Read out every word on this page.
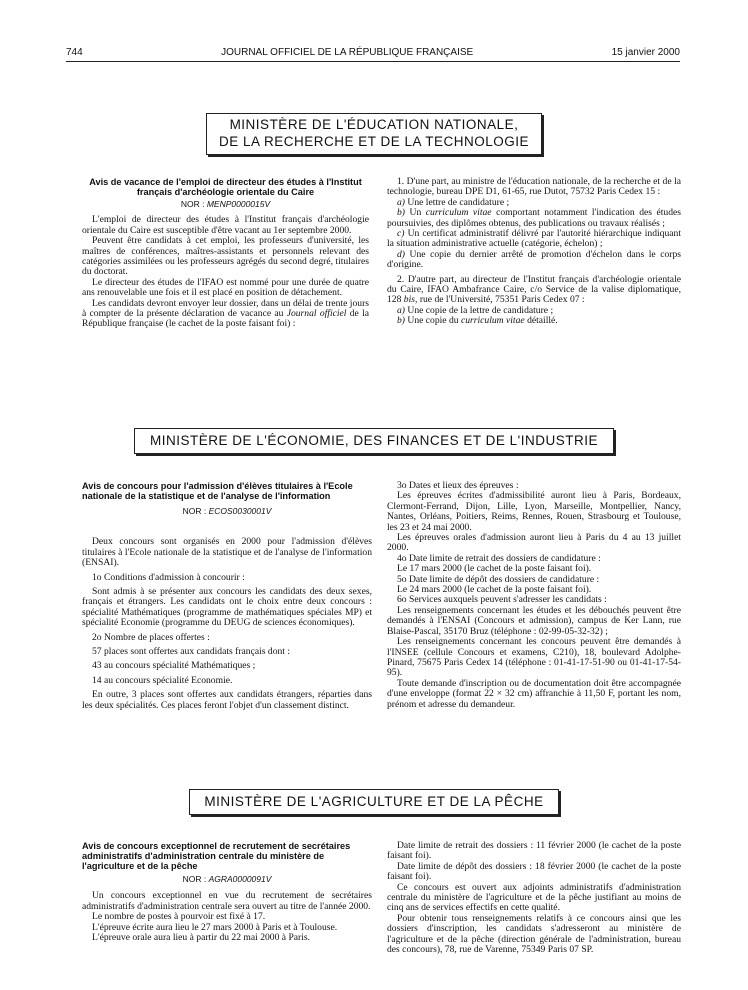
744	JOURNAL OFFICIEL DE LA RÉPUBLIQUE FRANÇAISE	15 janvier 2000
MINISTÈRE DE L'ÉDUCATION NATIONALE,
DE LA RECHERCHE ET DE LA TECHNOLOGIE
Avis de vacance de l'emploi de directeur des études à l'Institut français d'archéologie orientale du Caire
NOR : MENP0000015V

L'emploi de directeur des études à l'Institut français d'archéologie orientale du Caire est susceptible d'être vacant au 1er septembre 2000.

Peuvent être candidats à cet emploi, les professeurs d'université, les maîtres de conférences, maîtres-assistants et personnels relevant des catégories assimilées ou les professeurs agrégés du second degré, titulaires du doctorat.

Le directeur des études de l'IFAO est nommé pour une durée de quatre ans renouvelable une fois et il est placé en position de détachement.

Les candidats devront envoyer leur dossier, dans un délai de trente jours à compter de la présente déclaration de vacance au Journal officiel de la République française (le cachet de la poste faisant foi) :

1. D'une part, au ministre de l'éducation nationale, de la recherche et de la technologie, bureau DPE D1, 61-65, rue Dutot, 75732 Paris Cedex 15 :

a) Une lettre de candidature ;

b) Un curriculum vitae comportant notamment l'indication des études poursuivies, des diplômes obtenus, des publications ou travaux réalisés ;

c) Un certificat administratif délivré par l'autorité hiérarchique indiquant la situation administrative actuelle (catégorie, échelon) ;

d) Une copie du dernier arrêté de promotion d'échelon dans le corps d'origine.

2. D'autre part, au directeur de l'Institut français d'archéologie orientale du Caire, IFAO Ambafrance Caire, c/o Service de la valise diplomatique, 128 bis, rue de l'Université, 75351 Paris Cedex 07 :

a) Une copie de la lettre de candidature ;

b) Une copie du curriculum vitae détaillé.

MINISTÈRE DE L'ÉCONOMIE, DES FINANCES ET DE L'INDUSTRIE
Avis de concours pour l'admission d'élèves titulaires à l'Ecole nationale de la statistique et de l'analyse de l'information
NOR : ECOS0030001V

Deux concours sont organisés en 2000 pour l'admission d'élèves titulaires à l'Ecole nationale de la statistique et de l'analyse de l'information (ENSAI).

1o Conditions d'admission à concourir :

Sont admis à se présenter aux concours les candidats des deux sexes, français et étrangers. Les candidats ont le choix entre deux concours : spécialité Mathématiques (programme de mathématiques spéciales MP) et spécialité Economie (programme du DEUG de sciences économiques).

2o Nombre de places offertes :

57 places sont offertes aux candidats français dont :

43 au concours spécialité Mathématiques ;

14 au concours spécialité Economie.

En outre, 3 places sont offertes aux candidats étrangers, réparties dans les deux spécialités. Ces places feront l'objet d'un classement distinct.

3o Dates et lieux des épreuves :

Les épreuves écrites d'admissibilité auront lieu à Paris, Bordeaux, Clermont-Ferrand, Dijon, Lille, Lyon, Marseille, Montpellier, Nancy, Nantes, Orléans, Poitiers, Reims, Rennes, Rouen, Strasbourg et Toulouse, les 23 et 24 mai 2000.

Les épreuves orales d'admission auront lieu à Paris du 4 au 13 juillet 2000.

4o Date limite de retrait des dossiers de candidature :

Le 17 mars 2000 (le cachet de la poste faisant foi).

5o Date limite de dépôt des dossiers de candidature :

Le 24 mars 2000 (le cachet de la poste faisant foi).

6o Services auxquels peuvent s'adresser les candidats :

Les renseignements concernant les études et les débouchés peuvent être demandés à l'ENSAI (Concours et admission), campus de Ker Lann, rue Blaise-Pascal, 35170 Bruz (téléphone : 02-99-05-32-32) ;

Les renseignements concernant les concours peuvent être demandés à l'INSEE (cellule Concours et examens, C210), 18, boulevard Adolphe-Pinard, 75675 Paris Cedex 14 (téléphone : 01-41-17-51-90 ou 01-41-17-54-95).

Toute demande d'inscription ou de documentation doit être accompagnée d'une enveloppe (format 22 × 32 cm) affranchie à 11,50 F, portant les nom, prénom et adresse du demandeur.

MINISTÈRE DE L'AGRICULTURE ET DE LA PÊCHE
Avis de concours exceptionnel de recrutement de secrétaires administratifs d'administration centrale du ministère de l'agriculture et de la pêche
NOR : AGRA0000091V

Un concours exceptionnel en vue du recrutement de secrétaires administratifs d'administration centrale sera ouvert au titre de l'année 2000.

Le nombre de postes à pourvoir est fixé à 17.

L'épreuve écrite aura lieu le 27 mars 2000 à Paris et à Toulouse.

L'épreuve orale aura lieu à partir du 22 mai 2000 à Paris.

Date limite de retrait des dossiers : 11 février 2000 (le cachet de la poste faisant foi).

Date limite de dépôt des dossiers : 18 février 2000 (le cachet de la poste faisant foi).

Ce concours est ouvert aux adjoints administratifs d'administration centrale du ministère de l'agriculture et de la pêche justifiant au moins de cinq ans de services effectifs en cette qualité.

Pour obtenir tous renseignements relatifs à ce concours ainsi que les dossiers d'inscription, les candidats s'adresseront au ministère de l'agriculture et de la pêche (direction générale de l'administration, bureau des concours), 78, rue de Varenne, 75349 Paris 07 SP.
